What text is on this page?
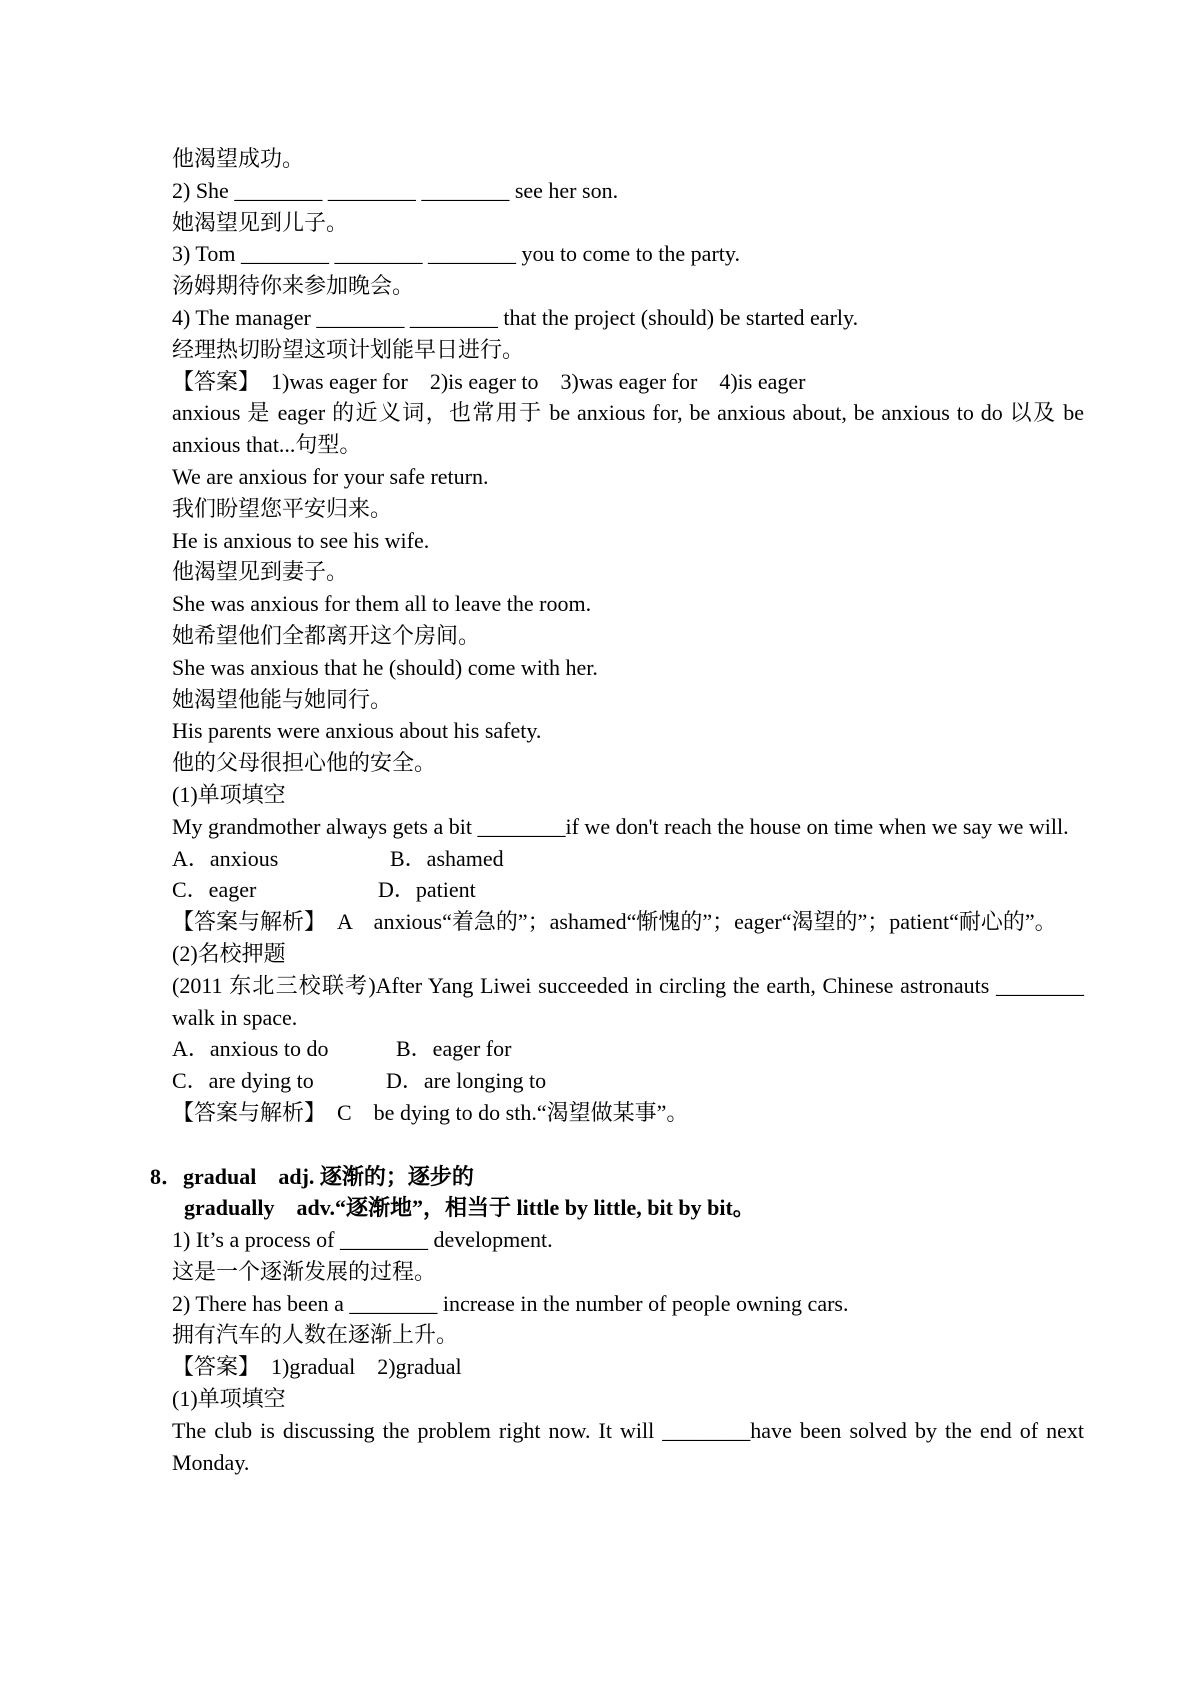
他渴望成功。
2) She ________ ________ ________ see her son.
她渴望见到儿子。
3) Tom ________ ________ ________ you to come to the party.
汤姆期待你来参加晚会。
4) The manager ________ ________ that the project (should) be started early.
经理热切盼望这项计划能早日进行。
【答案】　1)was eager for　2)is eager to　3)was eager for　4)is eager
anxious 是 eager 的近义词，也常用于 be anxious for, be anxious about, be anxious to do 以及 be anxious that...句型。
We are anxious for your safe return.
我们盼望您平安归来。
He is anxious to see his wife.
他渴望见到妻子。
She was anxious for them all to leave the room.
她希望他们全都离开这个房间。
She was anxious that he (should) come with her.
她渴望他能与她同行。
His parents were anxious about his safety.
他的父母很担心他的安全。
(1)单项填空
My grandmother always gets a bit ________if we don't reach the house on time when we say we will.
A．anxious	B．ashamed
C．eager	D．patient
【答案与解析】　A　anxious“着急的”；ashamed“惭愧的”；eager“渴望的”；patient“耐心的”。
(2)名校押题
(2011 东北三校联考)After Yang Liwei succeeded in circling the earth, Chinese astronauts ________ walk in space.
A．anxious to do	B．eager for
C．are dying to	D．are longing to
【答案与解析】　C　be dying to do sth.“渴望做某事”。
8．gradual　adj. 逐渐的；逐步的
gradually　adv.“逐渐地”，相当于 little by little, bit by bit。
1) It’s a process of ________ development.
这是一个逐渐发展的过程。
2) There has been a ________ increase in the number of people owning cars.
拥有汽车的人数在逐渐上升。
【答案】　1)gradual　2)gradual
(1)单项填空
The club is discussing the problem right now. It will ________have been solved by the end of next Monday.
